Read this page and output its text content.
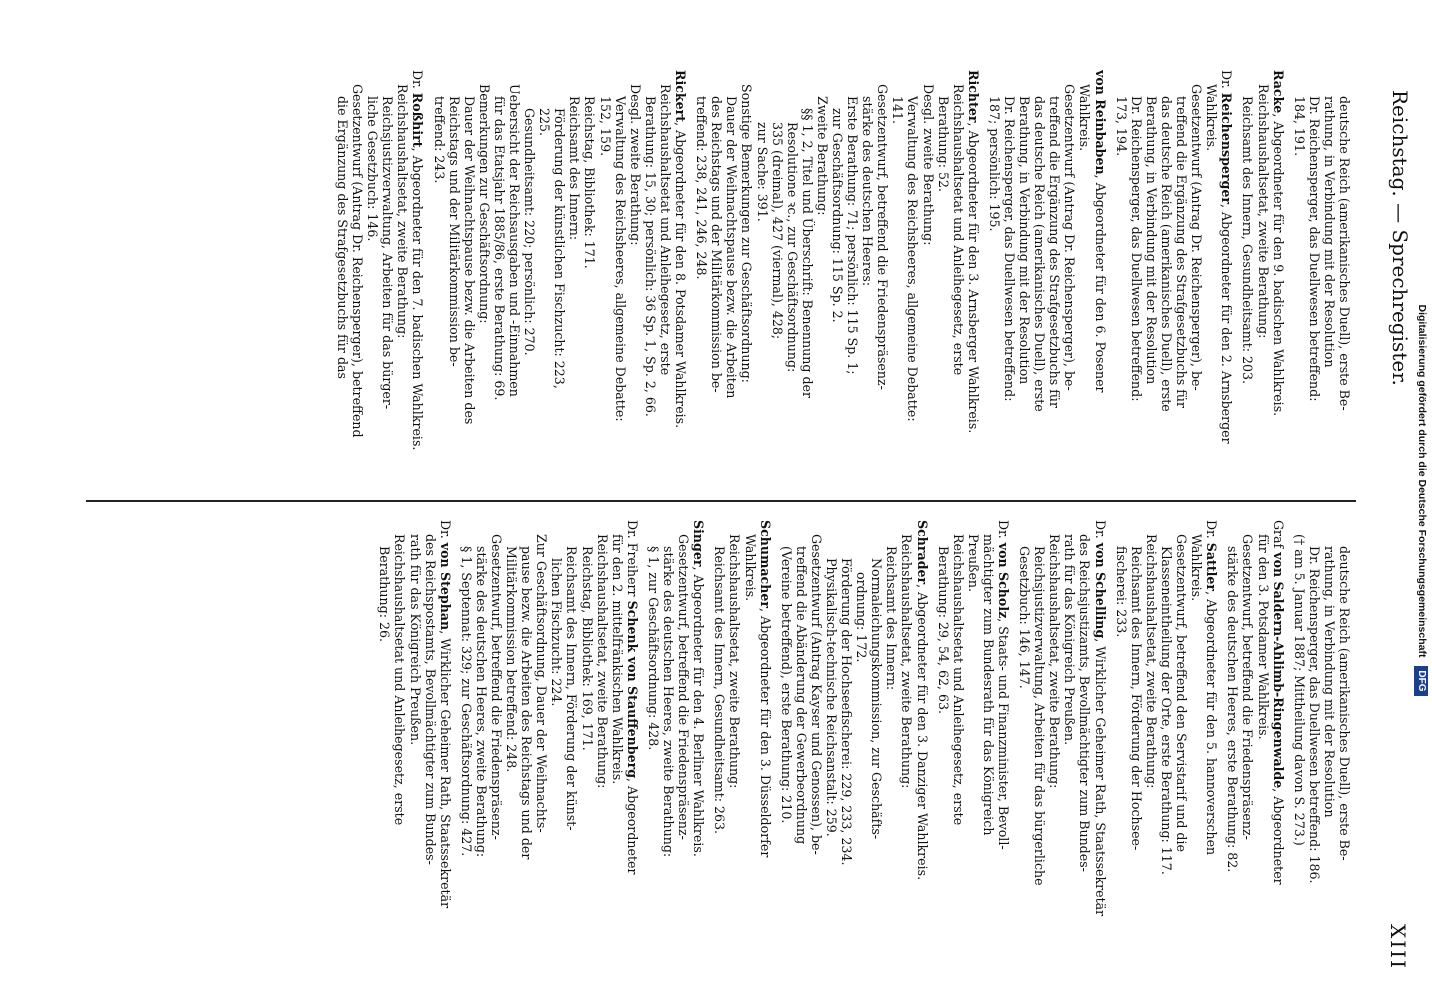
Reichstag. — Sprechregister.
XIII
deutsche Reich (amerikanisches Duell), erste Be-
rathung, in Verbindung mit der Resolution
Dr. Reichensperger, das Duellwesen betreffend:
184, 191.
Racke, Abgeordneter für den 9. badischen Wahlkreis.
Reichshaushaltsetat, zweite Berathung:
Reichsamt des Innern, Gesundheitsamt: 203.
Dr. Reichensperger, Abgeordneter für den 2. Arnsberger
Wahlkreis.
Gesetzentwurf (Antrag Dr. Reichensperger), be-
treffend die Ergänzung des Strafgesetzbuchs für
das deutsche Reich (amerikanisches Duell), erste
Berathung, in Verbindung mit der Resolution
Dr. Reichensperger, das Duellwesen betreffend:
173, 194.
von Reinbaben, Abgeordneter für den 6. Posener
Wahlkreis.
Gesetzentwurf (Antrag Dr. Reichensperger), be-
treffend die Ergänzung des Strafgesetzbuchs für
das deutsche Reich (amerikanisches Duell), erste
Berathung, in Verbindung mit der Resolution
Dr. Reichensperger, das Duellwesen betreffend:
187; persönlich: 195.
Richter, Abgeordneter für den 3. Arnsberger Wahlkreis.
Reichshaushaltsetat und Anleihegesetz, erste
Berathung: 52.
Desgl. zweite Berathung:
Verwaltung des Reichsheeres, allgemeine Debatte:
141.
Gesetzentwurf, betreffend die Friedenspräsenz-
stärke des deutschen Heeres:
Erste Berathung: 71; persönlich: 115 Sp. 1;
zur Geschäftsordnung: 115 Sp. 2.
Zweite Berathung:
§§ 1, 2, Titel und Überschrift: Benennung der
Resolutione ꝛc., zur Geschäftsordnung:
335 (dreimal), 427 (viermal), 428;
zur Sache: 391.
Sonstige Bemerkungen zur Geschäftsordnung:
Dauer der Weihnachtspause bezw. die Arbeiten
des Reichstags und der Militärkommission be-
treffend: 238, 241, 246, 248.
Rickert, Abgeordneter für den 8. Potsdamer Wahlkreis.
Reichshaushaltsetat und Anleihegesetz, erste
Berathung: 15, 30; persönlich: 36 Sp. 1, Sp. 2, 66.
Desgl. zweite Berathung:
Verwaltung des Reichsheeres, allgemeine Debatte:
152, 159.
Reichstag, Bibliothek: 171.
Reichsamt des Innern:
Förderung der künstlichen Fischzucht: 223,
225.
Gesundheitsamt: 220; persönlich: 270.
Uebersicht der Reichsausgaben und -Einnahmen
für das Etatsjahr 1885/86, erste Berathung: 69.
Bemerkungen zur Geschäftsordnung:
Dauer der Weihnachtspause bezw. die Arbeiten des
Reichstags und der Militärkommission be-
treffend: 243.
Dr. Roßhirt, Abgeordneter für den 7. badischen Wahlkreis.
Reichshaushaltsetat, zweite Berathung:
Reichsjustizverwaltung, Arbeiten für das bürger-
liche Gesetzbuch: 146.
Gesetzentwurf (Antrag Dr. Reichensperger), betreffend
die Ergänzung des Strafgesetzbuchs für das
deutsche Reich (amerikanisches Duell), erste Be-
rathung, in Verbindung mit der Resolution
Dr. Reichensperger, das Duellwesen betreffend: 186.
(† am 5. Januar 1887; Mittheilung davon S. 273.)
Graf von Saldern-Ahlimb-Ringenwalde, Abgeordneter
für den 3. Potsdamer Wahlkreis.
Gesetzentwurf, betreffend die Friedenspräsenz-
stärke des deutschen Heeres, erste Berathung: 82.
Dr. Sattler, Abgeordneter für den 5. hannoverschen
Wahlkreis.
Gesetzentwurf, betreffend den Servistarif und die
Klasseneintheilung der Orte, erste Berathung: 117.
Reichshaushaltsetat, zweite Berathung:
Reichsamt des Innern, Förderung der Hochsee-
fischerei: 233.
Dr. von Schelling, Wirklicher Geheimer Rath, Staatssekretär
des Reichsjustizamts, Bevollmächtigter zum Bundes-
rath für das Königreich Preußen.
Reichshaushaltsetat, zweite Berathung:
Reichsjustizverwaltung, Arbeiten für das bürgerliche
Gesetzbuch: 146, 147.
Dr. von Scholz, Staats- und Finanzminister, Bevoll-
mächtigter zum Bundesrath für das Königreich
Preußen.
Reichshaushaltsetat und Anleihegesetz, erste
Berathung: 29, 54, 62, 63.
Schrader, Abgeordneter für den 3. Danziger Wahlkreis.
Reichshaushaltsetat, zweite Berathung:
Reichsamt des Innern:
Normaleichungskommission, zur Geschäfts-
ordnung: 172.
Förderung der Hochseefischerei: 229, 233, 234.
Physikalisch-technische Reichsanstalt: 259.
Gesetzentwurf (Antrag Kayser und Genossen), be-
treffend die Abänderung der Gewerbeordnung
(Vereine betreffend), erste Berathung: 210.
Schumacher, Abgeordneter für den 3. Düsseldorfer
Wahlkreis.
Reichshaushaltsetat, zweite Berathung:
Reichsamt des Innern, Gesundheitsamt: 263.
Singer, Abgeordneter für den 4. Berliner Wahlkreis.
Gesetzentwurf, betreffend die Friedenspräsenz-
stärke des deutschen Heeres, zweite Berathung:
§ 1, zur Geschäftsordnung: 428.
Dr. Freiherr Schenk von Stauffenberg, Abgeordneter
für den 2. mittelfränkischen Wahlkreis.
Reichshaushaltsetat, zweite Berathung:
Reichstag, Bibliothek: 169, 171.
Reichsamt des Innern, Förderung der künst-
lichen Fischzucht: 224.
Zur Geschäftsordnung, Dauer der Weihnachts-
pause bezw. die Arbeiten des Reichstags und der
Militärkommission betreffend: 248.
Gesetzentwurf, betreffend die Friedenspräsenz-
stärke des deutschen Heeres, zweite Berathung:
§ 1, Septennat: 329; zur Geschäftsordnung: 427.
Dr. von Stephan, Wirklicher Geheimer Rath, Staatssekretär
des Reichspostamts, Bevollmächtigter zum Bundes-
rath für das Königreich Preußen.
Reichshaushaltsetat und Anleihegesetz, erste
Berathung: 26.	Digitalisierung gefördert durch die Deutsche Forschungsgemeinschaft DFG
